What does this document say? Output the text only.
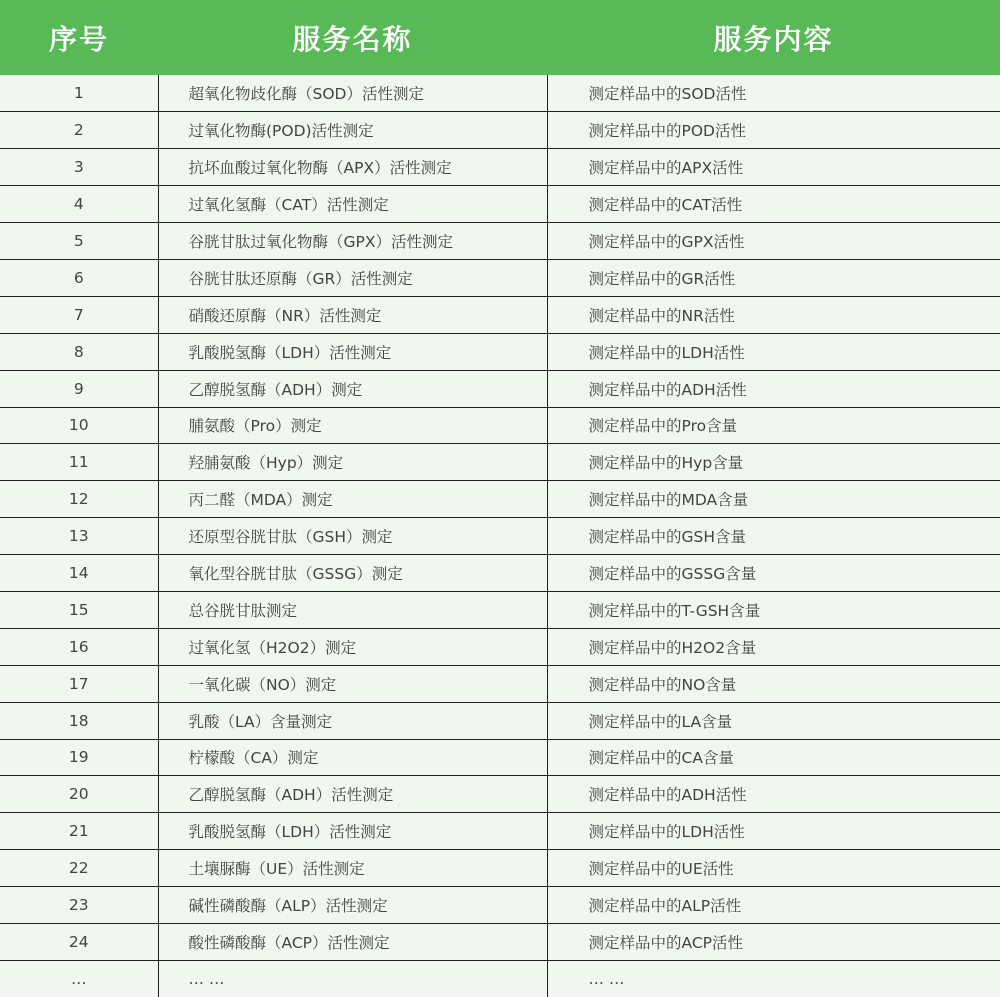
序号	服务名称	服务内容
1	超氧化物歧化酶（SOD）活性测定	测定样品中的SOD活性
2	过氧化物酶(POD)活性测定	测定样品中的POD活性
3	抗坏血酸过氧化物酶（APX）活性测定	测定样品中的APX活性
4	过氧化氢酶（CAT）活性测定	测定样品中的CAT活性
5	谷胱甘肽过氧化物酶（GPX）活性测定	测定样品中的GPX活性
6	谷胱甘肽还原酶（GR）活性测定	测定样品中的GR活性
7	硝酸还原酶（NR）活性测定	测定样品中的NR活性
8	乳酸脱氢酶（LDH）活性测定	测定样品中的LDH活性
9	乙醇脱氢酶（ADH）测定	测定样品中的ADH活性
10	脯氨酸（Pro）测定	测定样品中的Pro含量
11	羟脯氨酸（Hyp）测定	测定样品中的Hyp含量
12	丙二醛（MDA）测定	测定样品中的MDA含量
13	还原型谷胱甘肽（GSH）测定	测定样品中的GSH含量
14	氧化型谷胱甘肽（GSSG）测定	测定样品中的GSSG含量
15	总谷胱甘肽测定	测定样品中的T-GSH含量
16	过氧化氢（H2O2）测定	测定样品中的H2O2含量
17	一氧化碳（NO）测定	测定样品中的NO含量
18	乳酸（LA）含量测定	测定样品中的LA含量
19	柠檬酸（CA）测定	测定样品中的CA含量
20	乙醇脱氢酶（ADH）活性测定	测定样品中的ADH活性
21	乳酸脱氢酶（LDH）活性测定	测定样品中的LDH活性
22	土壤脲酶（UE）活性测定	测定样品中的UE活性
23	碱性磷酸酶（ALP）活性测定	测定样品中的ALP活性
24	酸性磷酸酶（ACP）活性测定	测定样品中的ACP活性
…	… …	… …
